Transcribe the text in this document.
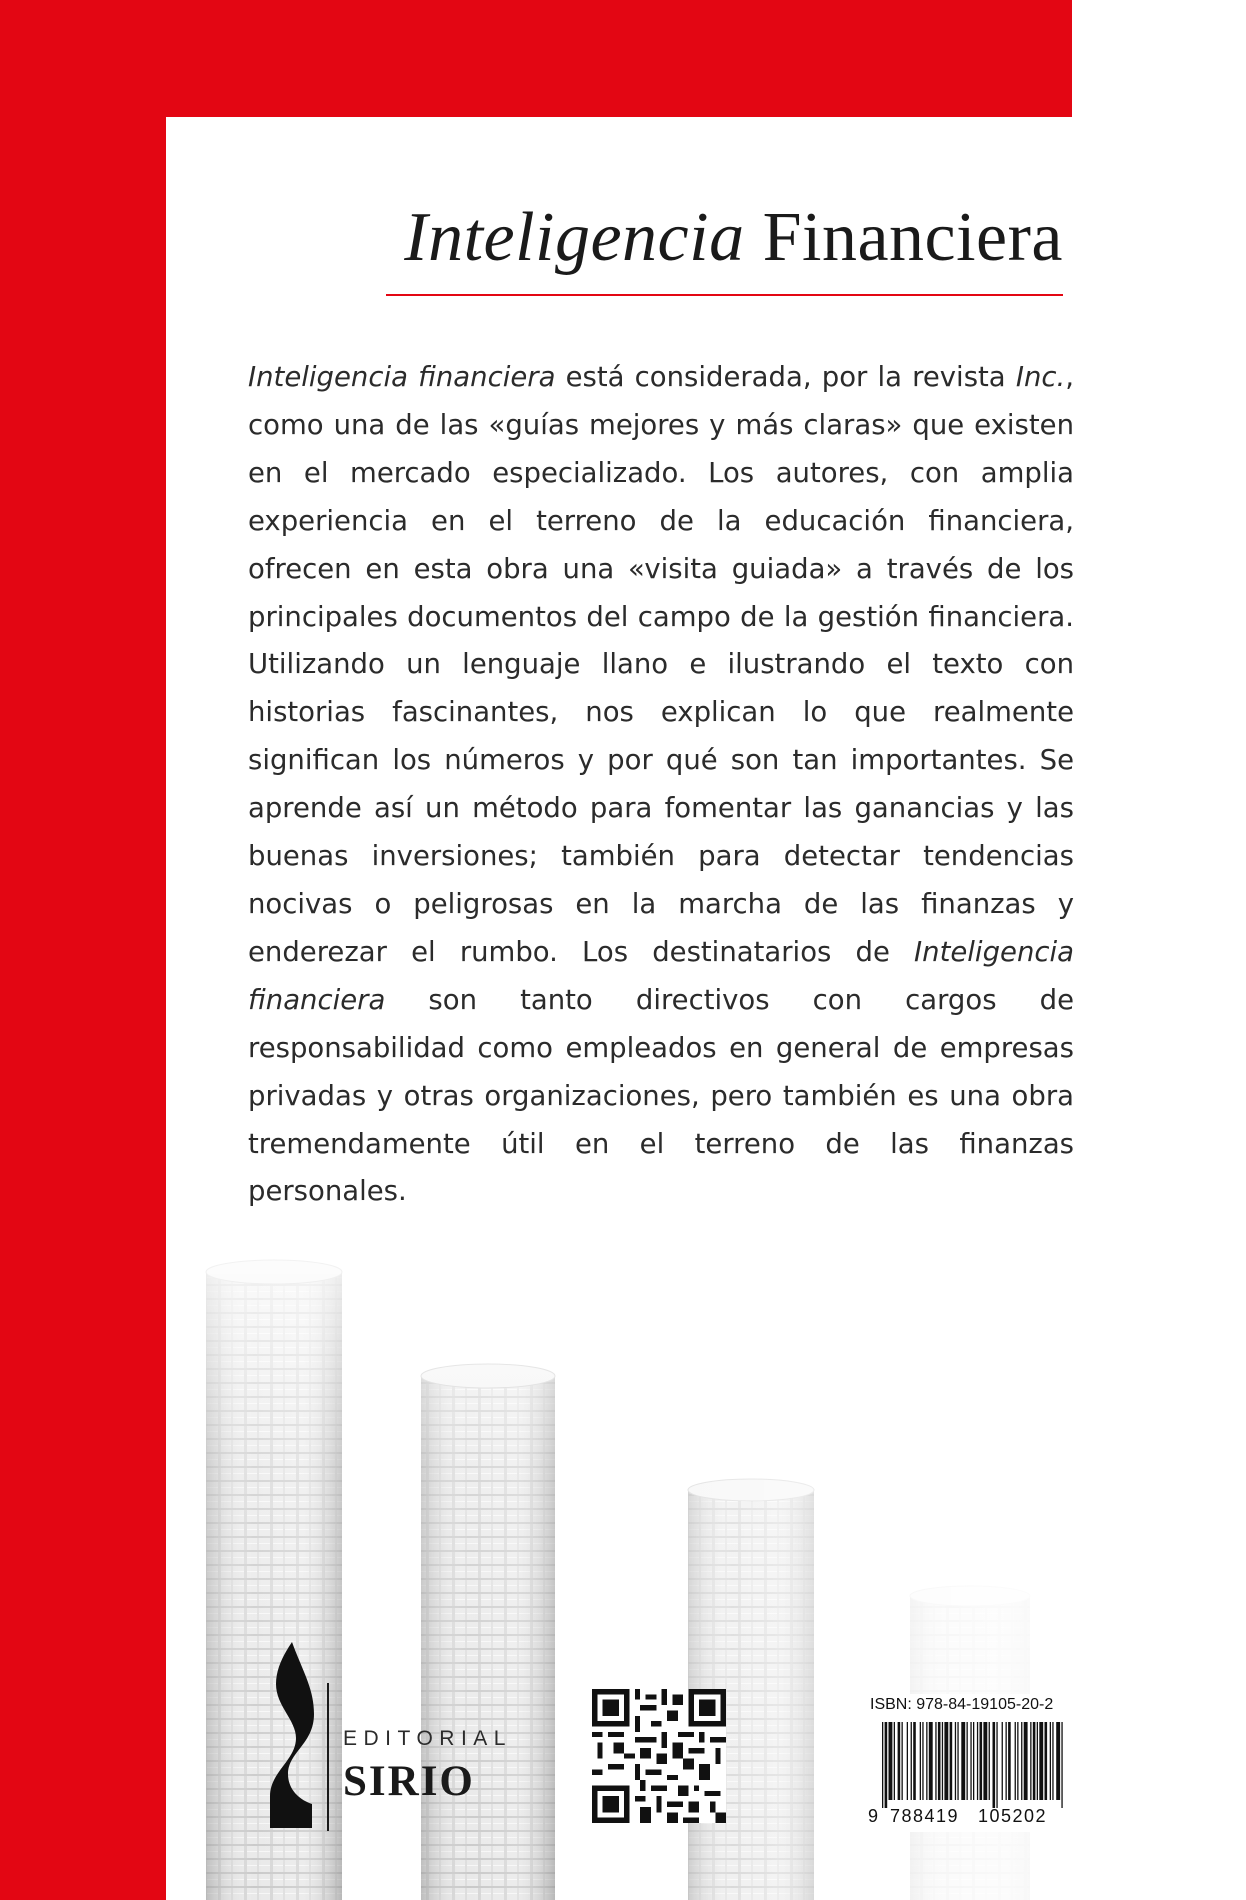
Inteligencia Financiera

Inteligencia financiera está considerada, por la revista Inc., como una de las «guías mejores y más claras» que existen en el mercado especializado. Los autores, con amplia experiencia en el terreno de la educación financiera, ofrecen en esta obra una «visita guiada» a través de los principales documentos del campo de la gestión financiera. Utilizando un lenguaje llano e ilustrando el texto con historias fascinantes, nos explican lo que realmente significan los números y por qué son tan importantes. Se aprende así un método para fomentar las ganancias y las buenas inversiones; también para detectar tendencias nocivas o peligrosas en la marcha de las finanzas y enderezar el rumbo. Los destinatarios de Inteligencia financiera son tanto directivos con cargos de responsabilidad como empleados en general de empresas privadas y otras organizaciones, pero también es una obra tremendamente útil en el terreno de las finanzas personales.

EDITORIAL
SIRIO
ISBN: 978-84-19105-20-2
9 788419 105202
